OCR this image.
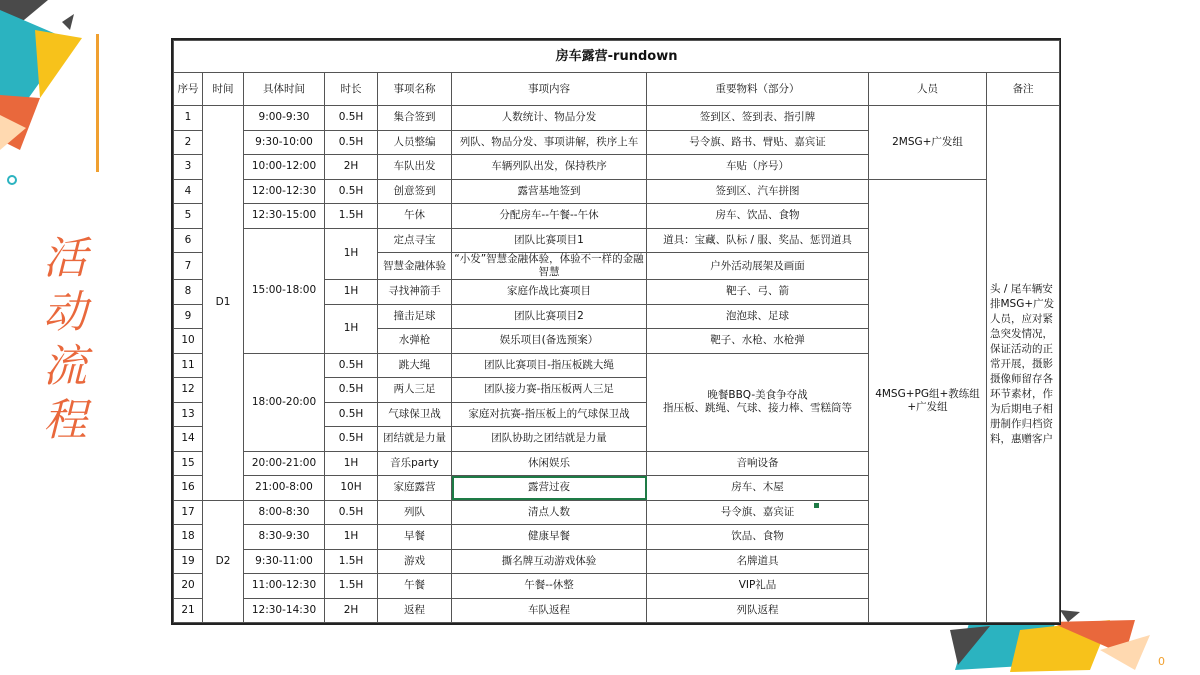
活
动
流
程
0
房车露营-rundown								
序号	时间	具体时间	时长	事项名称	事项内容	重要物料（部分）	人员	备注
1	D1	9:00-9:30	0.5H	集合签到	人数统计、物品分发	签到区、签到表、指引牌	2MSG+广发组	头 / 尾车辆安排MSG+广发人员，应对紧急突发情况，保证活动的正常开展，摄影摄像师留存各环节素材，作为后期电子相册制作归档资料，惠赠客户
2		9:30-10:00	0.5H	人员整编	列队、物品分发、事项讲解，秩序上车	号令旗、路书、臂贴、嘉宾证		
3		10:00-12:00	2H	车队出发	车辆列队出发，保持秩序	车贴（序号）		
4		12:00-12:30	0.5H	创意签到	露营基地签到	签到区、汽车拼图	4MSG+PG组+教练组+广发组	
5		12:30-15:00	1.5H	午休	分配房车--午餐--午休	房车、饮品、食物		
6		15:00-18:00	1H	定点寻宝	团队比赛项目1	道具：宝藏、队标 / 服、奖品、惩罚道具		
7				智慧金融体验	“小发”智慧金融体验，体验不一样的金融智慧	户外活动展架及画面		
8			1H	寻找神箭手	家庭作战比赛项目	靶子、弓、箭		
9			1H	撞击足球	团队比赛项目2	泡泡球、足球		
10				水弹枪	娱乐项目(备选预案）	靶子、水枪、水枪弹		
11		18:00-20:00	0.5H	跳大绳	团队比赛项目-指压板跳大绳	晚餐BBQ-美食争夺战
指压板、跳绳、气球、接力棒、雪糕筒等		

12			0.5H	两人三足	团队接力赛-指压板两人三足			
13			0.5H	气球保卫战	家庭对抗赛-指压板上的气球保卫战			
14			0.5H	团结就是力量	团队协助之团结就是力量			
15		20:00-21:00	1H	音乐party	休闲娱乐	音响设备		
16		21:00-8:00	10H	家庭露营	露营过夜	房车、木屋		
17	D2	8:00-8:30	0.5H	列队	清点人数	号令旗、嘉宾证		
18		8:30-9:30	1H	早餐	健康早餐	饮品、食物		
19		9:30-11:00	1.5H	游戏	撕名牌互动游戏体验	名牌道具		
20		11:00-12:30	1.5H	午餐	午餐--休整	VIP礼品		
21		12:30-14:30	2H	返程	车队返程	列队返程		
